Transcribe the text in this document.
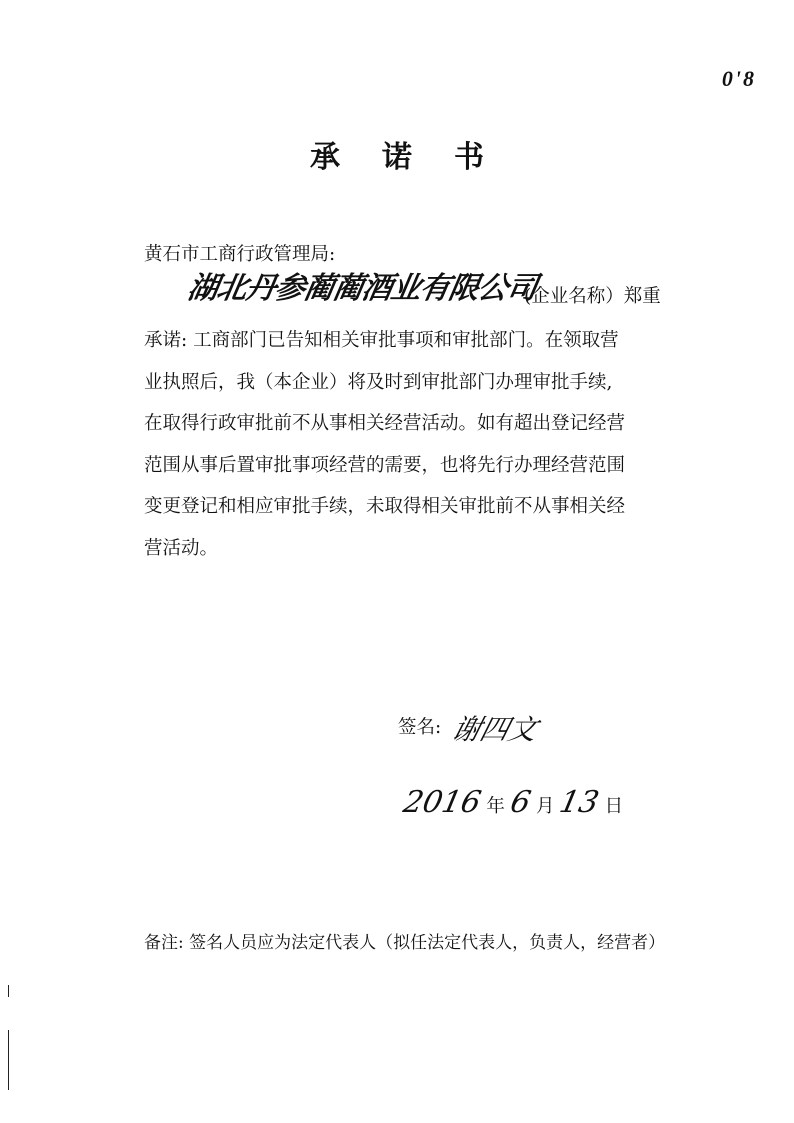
0'8
承诺书
黄石市工商行政管理局:
湖北丹参蔺蔺酒业有限公司
(企业名称）郑重
承诺: 工商部门已告知相关审批事项和审批部门。在领取营
业执照后，我（本企业）将及时到审批部门办理审批手续,
在取得行政审批前不从事相关经营活动。如有超出登记经营
范围从事后置审批事项经营的需要，也将先行办理经营范围
变更登记和相应审批手续，未取得相关审批前不从事相关经
营活动。
签名: 谢四文
2016 年6 月13 日
备注: 签名人员应为法定代表人（拟任法定代表人，负责人，经营者）
